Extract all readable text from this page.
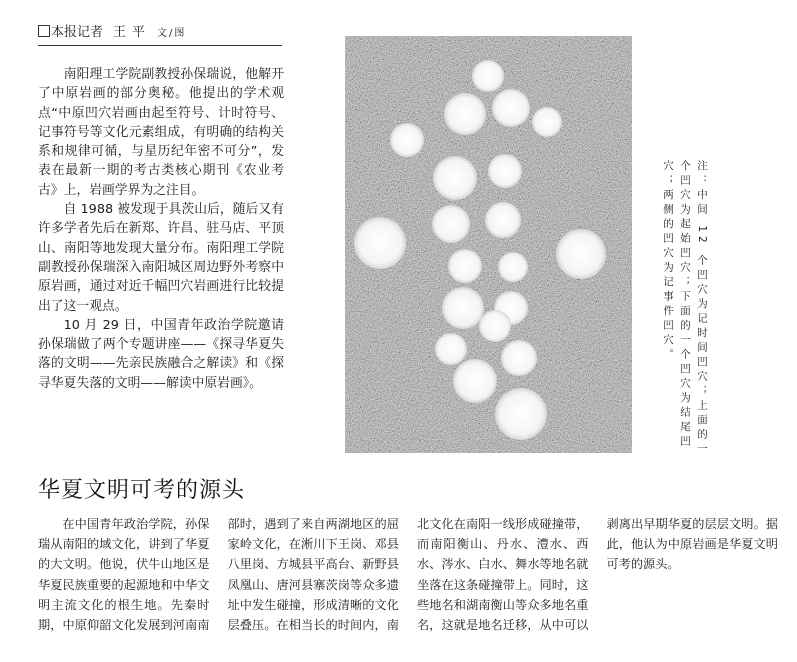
本报记者 王平 文/图

南阳理工学院副教授孙保瑞说，他解开了中原岩画的部分奥秘。他提出的学术观点“中原凹穴岩画由起至符号、计时符号、记事符号等文化元素组成，有明确的结构关系和规律可循，与星历纪年密不可分”，发表在最新一期的考古类核心期刊《农业考古》上，岩画学界为之注目。

自 1988 被发现于具茨山后，随后又有许多学者先后在新郑、许昌、驻马店、平顶山、南阳等地发现大量分布。南阳理工学院副教授孙保瑞深入南阳城区周边野外考察中原岩画，通过对近千幅凹穴岩画进行比较提出了这一观点。

10 月 29 日，中国青年政治学院邀请孙保瑞做了两个专题讲座——《探寻华夏失落的文明——先亲民族融合之解读》和《探寻华夏失落的文明——解读中原岩画》。	注：中间 12 个凹穴为记时间凹穴；上面的一个凹穴为起始凹穴；下面的一个凹穴为结尾凹穴；两侧的凹穴为记事件凹穴。
华夏文明可考的源头

在中国青年政治学院，孙保瑞从南阳的域文化，讲到了华夏的大文明。他说，伏牛山地区是华夏民族重要的起源地和中华文明主流文化的根生地。先秦时期，中原仰韶文化发展到河南南部时，遇到了来自两湖地区的屈家岭文化，在淅川下王岗、邓县八里岗、方城县平高台、新野县凤凰山、唐河县寨茨岗等众多遗址中发生碰撞，形成清晰的文化层叠压。在相当长的时间内，南北文化在南阳一线形成碰撞带，而南阳衡山、丹水、澧水、西水、涔水、白水、舞水等地名就坐落在这条碰撞带上。同时，这些地名和湖南衡山等众多地名重名，这就是地名迁移，从中可以剥离出早期华夏的层层文明。据此，他认为中原岩画是华夏文明可考的源头。
